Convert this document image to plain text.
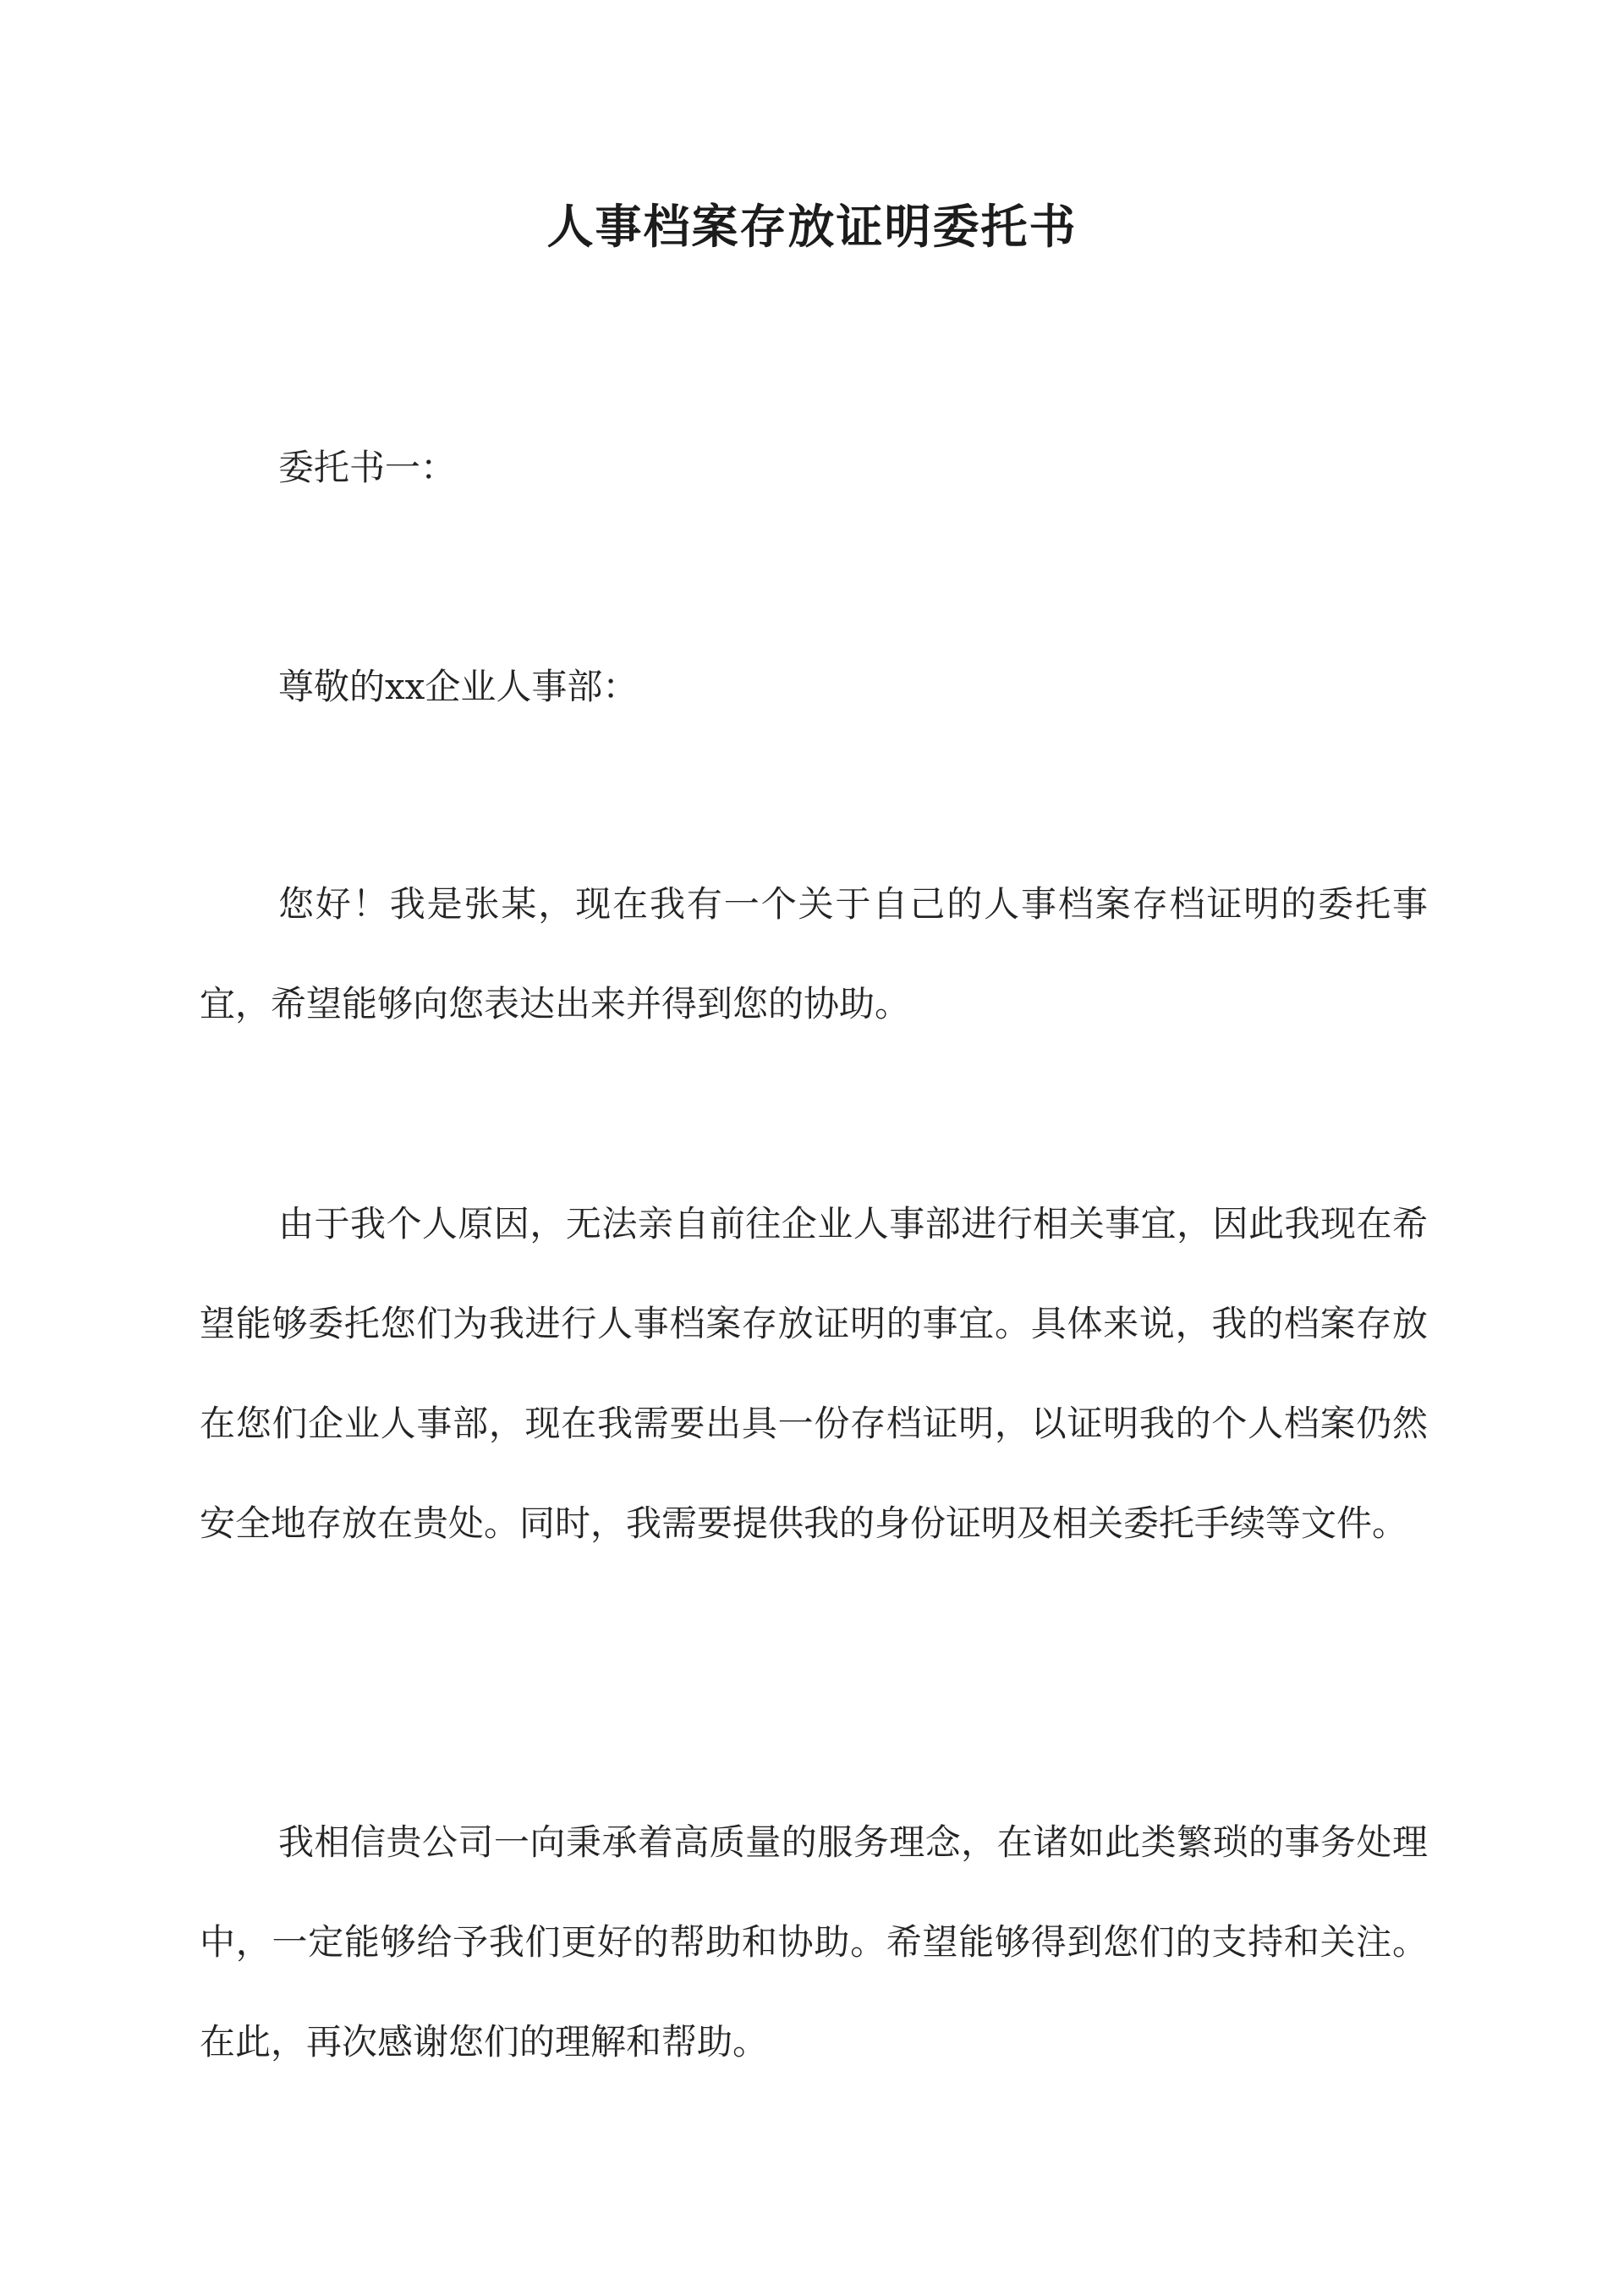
人事档案存放证明委托书

委托书一：

尊敬的xx企业人事部：

您好！我是张某，现在我有一个关于自己的人事档案存档证明的委托事宜，希望能够向您表达出来并得到您的协助。

由于我个人原因，无法亲自前往企业人事部进行相关事宜，因此我现在希望能够委托您们为我进行人事档案存放证明的事宜。具体来说，我的档案存放在您们企业人事部，现在我需要出具一份存档证明，以证明我的个人档案仍然安全地存放在贵处。同时，我需要提供我的身份证明及相关委托手续等文件。

我相信贵公司一向秉承着高质量的服务理念，在诸如此类繁琐的事务处理中，一定能够给予我们更好的帮助和协助。希望能够得到您们的支持和关注。在此，再次感谢您们的理解和帮助。
